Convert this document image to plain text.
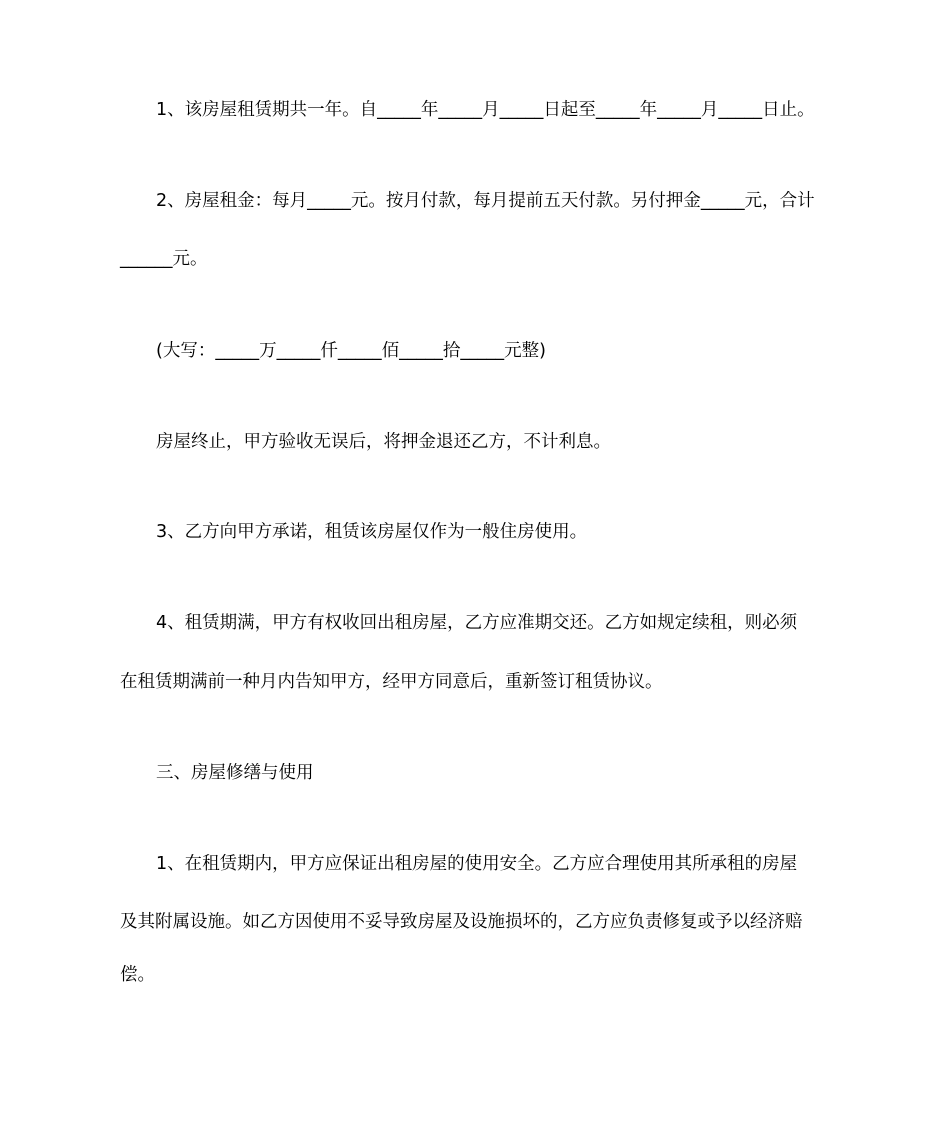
1、该房屋租赁期共一年。自_____年_____月_____日起至_____年_____月_____日止。
2、房屋租金：每月_____元。按月付款，每月提前五天付款。另付押金_____元，合计
______元。
(大写：_____万_____仟_____佰_____拾_____元整)
房屋终止，甲方验收无误后，将押金退还乙方，不计利息。
3、乙方向甲方承诺，租赁该房屋仅作为一般住房使用。
4、租赁期满，甲方有权收回出租房屋，乙方应准期交还。乙方如规定续租，则必须
在租赁期满前一种月内告知甲方，经甲方同意后，重新签订租赁协议。
三、房屋修缮与使用
1、在租赁期内，甲方应保证出租房屋的使用安全。乙方应合理使用其所承租的房屋
及其附属设施。如乙方因使用不妥导致房屋及设施损坏的，乙方应负责修复或予以经济赔
偿。
